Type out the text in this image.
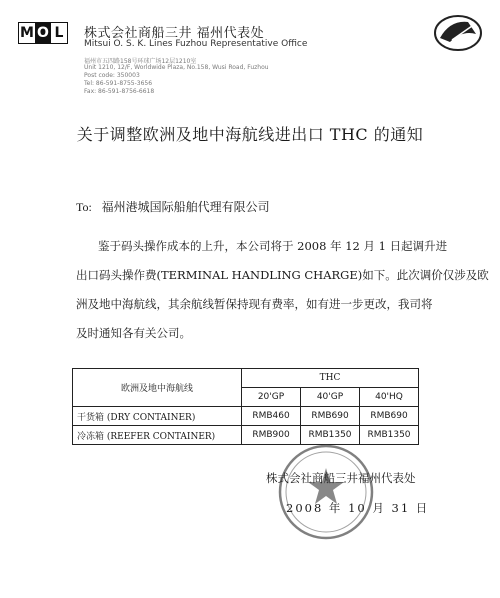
M O L 株式会社商船三井 福州代表处
Mitsui O. S. K. Lines Fuzhou Representative Office
福州市五四路158号环球广场12层1210室
Unit 1210, 12/F, Worldwide Plaza, No.158, Wusi Road, Fuzhou
Post code: 350003
Tel: 86-591-8755-3656
Fax: 86-591-8756-6618
关于调整欧洲及地中海航线进出口 THC 的通知
To: 福州港城国际船舶代理有限公司
鉴于码头操作成本的上升，本公司将于 2008 年 12 月 1 日起调升进
出口码头操作费(TERMINAL HANDLING CHARGE)如下。此次调价仅涉及欧
洲及地中海航线，其余航线暂保持现有费率，如有进一步更改，我司将
及时通知各有关公司。
欧洲及地中海航线	THC		
	20'GP	40'GP	40'HQ
干货箱 (DRY CONTAINER)	RMB460	RMB690	RMB690
冷冻箱 (REEFER CONTAINER)	RMB900	RMB1350	RMB1350
株式会社商船三井福州代表处
2008 年 10 月 31 日
